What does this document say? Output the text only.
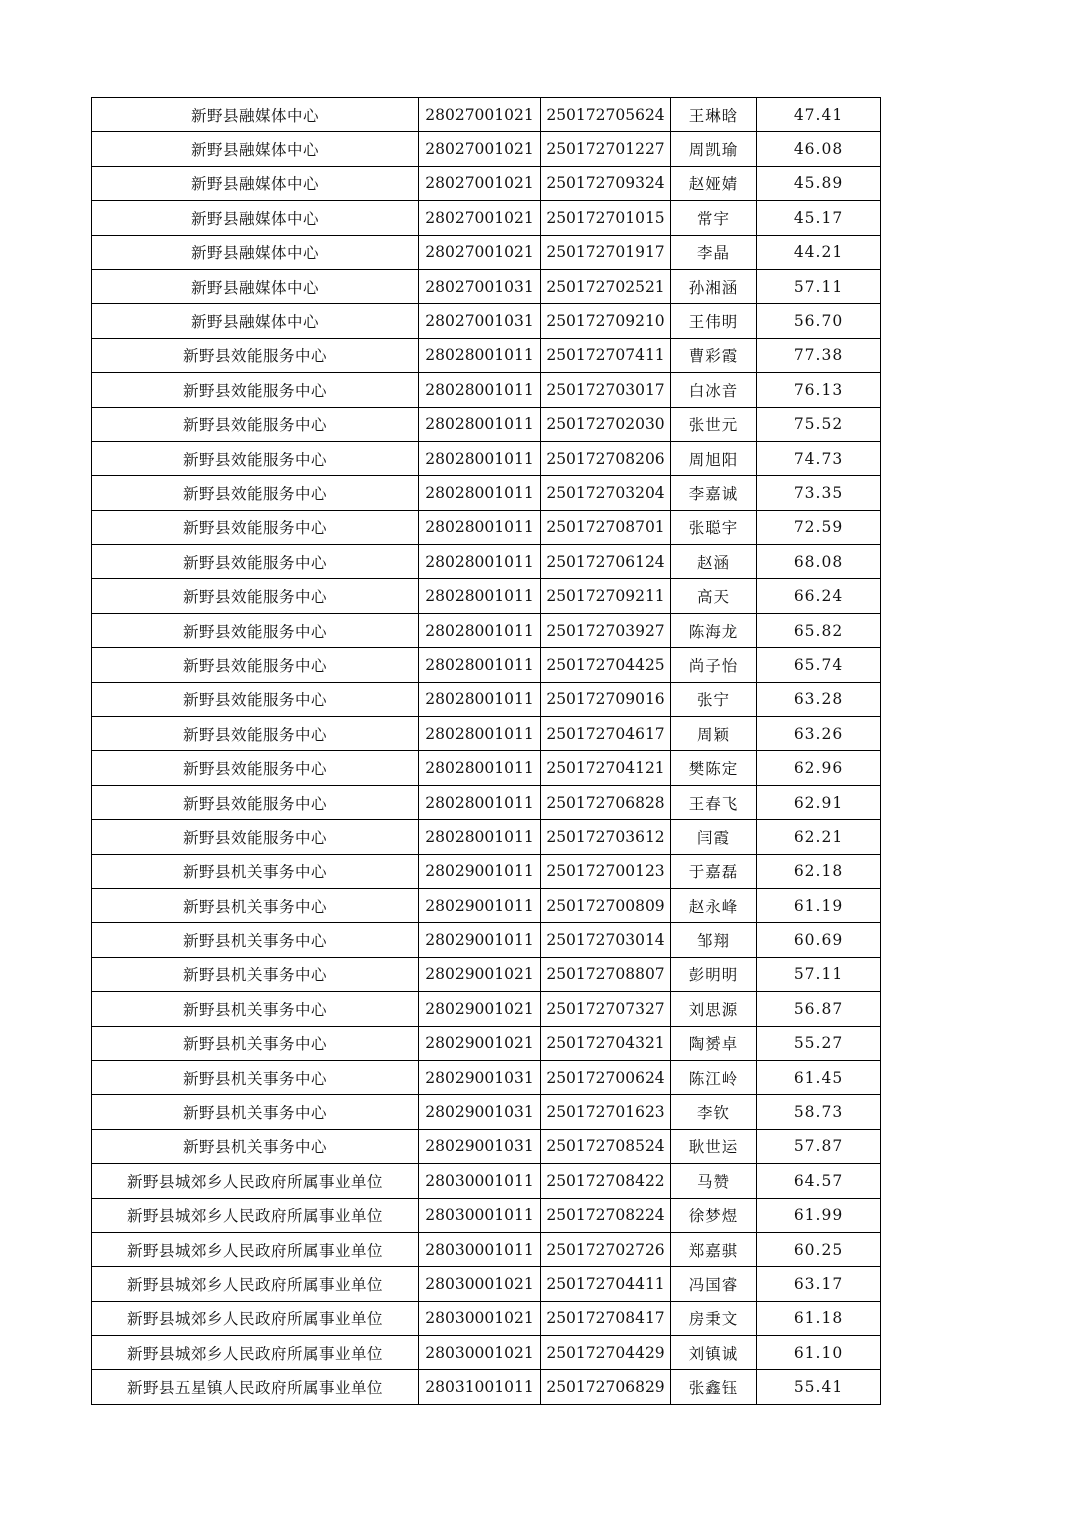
新野县融媒体中心	28027001021	250172705624	王琳晗	47.41
新野县融媒体中心	28027001021	250172701227	周凯瑜	46.08
新野县融媒体中心	28027001021	250172709324	赵娅婧	45.89
新野县融媒体中心	28027001021	250172701015	常宇	45.17
新野县融媒体中心	28027001021	250172701917	李晶	44.21
新野县融媒体中心	28027001031	250172702521	孙湘涵	57.11
新野县融媒体中心	28027001031	250172709210	王伟明	56.70
新野县效能服务中心	28028001011	250172707411	曹彩霞	77.38
新野县效能服务中心	28028001011	250172703017	白冰音	76.13
新野县效能服务中心	28028001011	250172702030	张世元	75.52
新野县效能服务中心	28028001011	250172708206	周旭阳	74.73
新野县效能服务中心	28028001011	250172703204	李嘉诚	73.35
新野县效能服务中心	28028001011	250172708701	张聪宇	72.59
新野县效能服务中心	28028001011	250172706124	赵涵	68.08
新野县效能服务中心	28028001011	250172709211	高天	66.24
新野县效能服务中心	28028001011	250172703927	陈海龙	65.82
新野县效能服务中心	28028001011	250172704425	尚子怡	65.74
新野县效能服务中心	28028001011	250172709016	张宁	63.28
新野县效能服务中心	28028001011	250172704617	周颖	63.26
新野县效能服务中心	28028001011	250172704121	樊陈定	62.96
新野县效能服务中心	28028001011	250172706828	王春飞	62.91
新野县效能服务中心	28028001011	250172703612	闫霞	62.21
新野县机关事务中心	28029001011	250172700123	于嘉磊	62.18
新野县机关事务中心	28029001011	250172700809	赵永峰	61.19
新野县机关事务中心	28029001011	250172703014	邹翔	60.69
新野县机关事务中心	28029001021	250172708807	彭明明	57.11
新野县机关事务中心	28029001021	250172707327	刘思源	56.87
新野县机关事务中心	28029001021	250172704321	陶赟卓	55.27
新野县机关事务中心	28029001031	250172700624	陈江岭	61.45
新野县机关事务中心	28029001031	250172701623	李钦	58.73
新野县机关事务中心	28029001031	250172708524	耿世运	57.87
新野县城郊乡人民政府所属事业单位	28030001011	250172708422	马赞	64.57
新野县城郊乡人民政府所属事业单位	28030001011	250172708224	徐梦煜	61.99
新野县城郊乡人民政府所属事业单位	28030001011	250172702726	郑嘉骐	60.25
新野县城郊乡人民政府所属事业单位	28030001021	250172704411	冯国睿	63.17
新野县城郊乡人民政府所属事业单位	28030001021	250172708417	房秉文	61.18
新野县城郊乡人民政府所属事业单位	28030001021	250172704429	刘镇诚	61.10
新野县五星镇人民政府所属事业单位	28031001011	250172706829	张鑫钰	55.41
